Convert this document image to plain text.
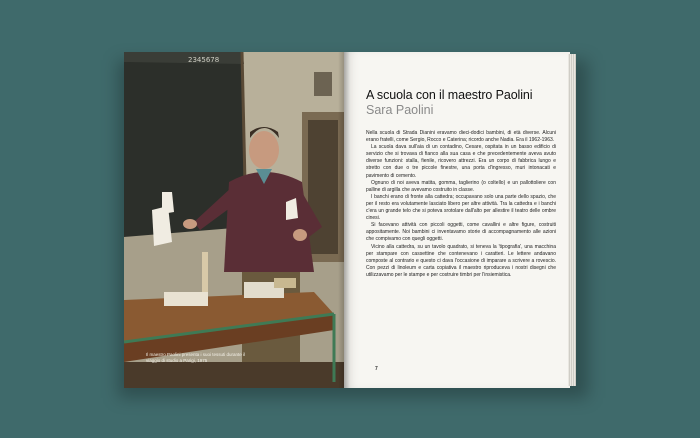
2345678
Il maestro Paolini presenta i suoi tessuti durante il viaggio di studio a Parigi, 1975
A scuola con il maestro Paolini
Sara Paolini

Nella scuola di Strada Dianini eravamo dieci-dodici bambini, di età diverse. Alcuni erano fratelli, come Sergio, Rocco e Caterina; ricordo anche Nadia. Era il 1962-1963.

La scuola dava sull'aia di un contadino, Cesare, ospitata in un basso edificio di servizio che si trovava di fianco alla sua casa e che precedentemente aveva avuto diverse funzioni: stalla, fienile, ricovero attrezzi. Era un corpo di fabbrica lungo e stretto con due o tre piccole finestre, una porta d'ingresso, muri intonacati e pavimento di cemento.

Ognuno di noi aveva matita, gomma, taglierino (o coltello) e un pallottoliere con palline di argilla che avevamo costruito in classe.

I banchi erano di fronte alla cattedra; occupavano solo una parte dello spazio, che per il resto era volutamente lasciato libero per altre attività. Tra la cattedra e i banchi c'era un grande telo che si poteva srotolare dall'alto per allestire il teatro delle ombre cinesi.

Si facevano attività con piccoli oggetti, come cavallini e altre figure, costruiti appositamente. Noi bambini ci inventavamo storie di accompagnamento alle azioni che compivamo con quegli oggetti.

Vicino alla cattedra, su un tavolo quadrato, si teneva la 'tipografia', una macchina per stampare con cassettine che contenevano i caratteri. Le lettere andavano composte al contrario e questo ci dava l'occasione di imparare a scrivere a rovescio. Con pezzi di linoleum e carta copiativa il maestro riproduceva i nostri disegni che utilizzavamo per le stampe e per costruire timbri per l'insiemistica.

7
